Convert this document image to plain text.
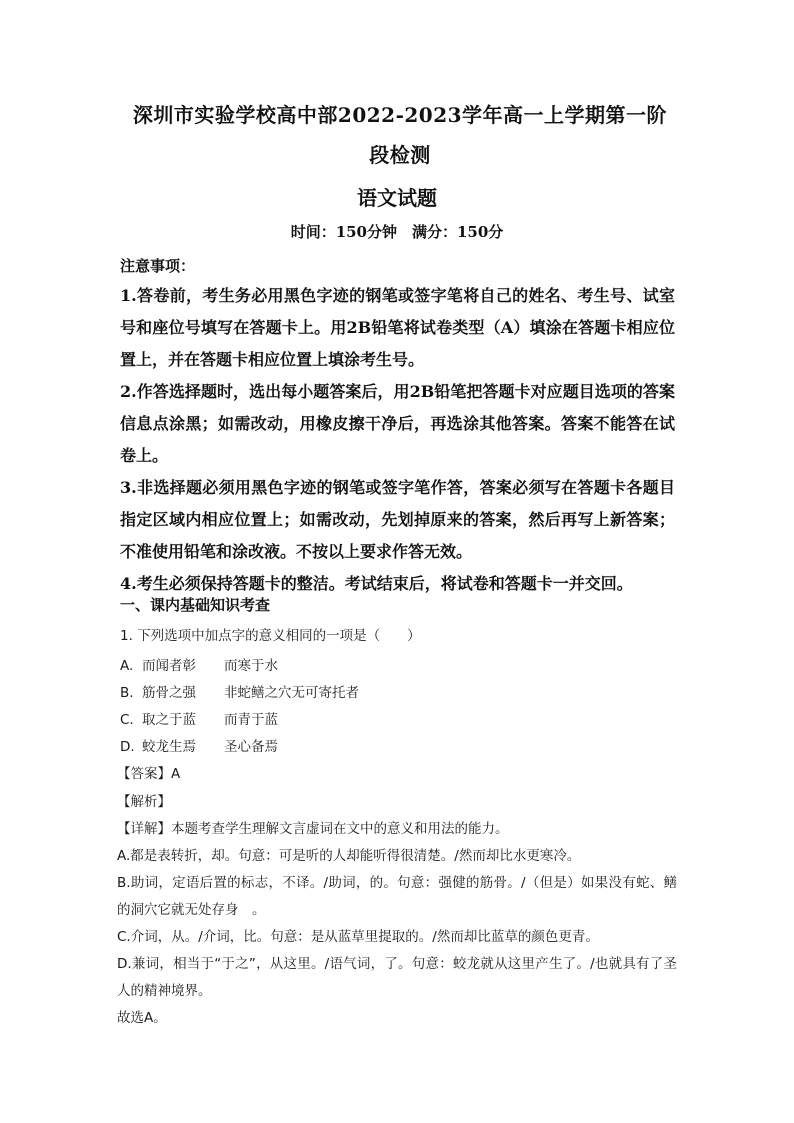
深圳市实验学校高中部2022-2023学年高一上学期第一阶
段检测
语文试题
时间：150分钟　满分：150分
注意事项：

1.答卷前，考生务必用黑色字迹的钢笔或签字笔将自己的姓名、考生号、试室号和座位号填写在答题卡上。用2B铅笔将试卷类型（A）填涂在答题卡相应位置上，并在答题卡相应位置上填涂考生号。

2.作答选择题时，选出每小题答案后，用2B铅笔把答题卡对应题目选项的答案信息点涂黑；如需改动，用橡皮擦干净后，再选涂其他答案。答案不能答在试卷上。

3.非选择题必须用黑色字迹的钢笔或签字笔作答，答案必须写在答题卡各题目指定区域内相应位置上；如需改动，先划掉原来的答案，然后再写上新答案；不准使用铅笔和涂改液。不按以上要求作答无效。

4.考生必须保持答题卡的整洁。考试结束后，将试卷和答题卡一并交回。

一、课内基础知识考查
1. 下列选项中加点字的意义相同的一项是（　　）
A. 而闻者彰 而寒于水
B. 筋骨之强 非蛇鳝之穴无可寄托者
C. 取之于蓝 而青于蓝
D. 蛟龙生焉 圣心备焉
【答案】A
【解析】

【详解】本题考查学生理解文言虚词在文中的意义和用法的能力。

A.都是表转折，却。句意：可是听的人却能听得很清楚。/然而却比水更寒冷。

B.助词，定语后置的标志，不译。/助词，的。句意：强健的筋骨。/（但是）如果没有蛇、鳝的洞穴它就无处存身　。

C.介词，从。/介词，比。句意：是从蓝草里提取的。/然而却比蓝草的颜色更青。

D.兼词，相当于“于之”，从这里。/语气词，了。句意：蛟龙就从这里产生了。/也就具有了圣人的精神境界。

故选A。
